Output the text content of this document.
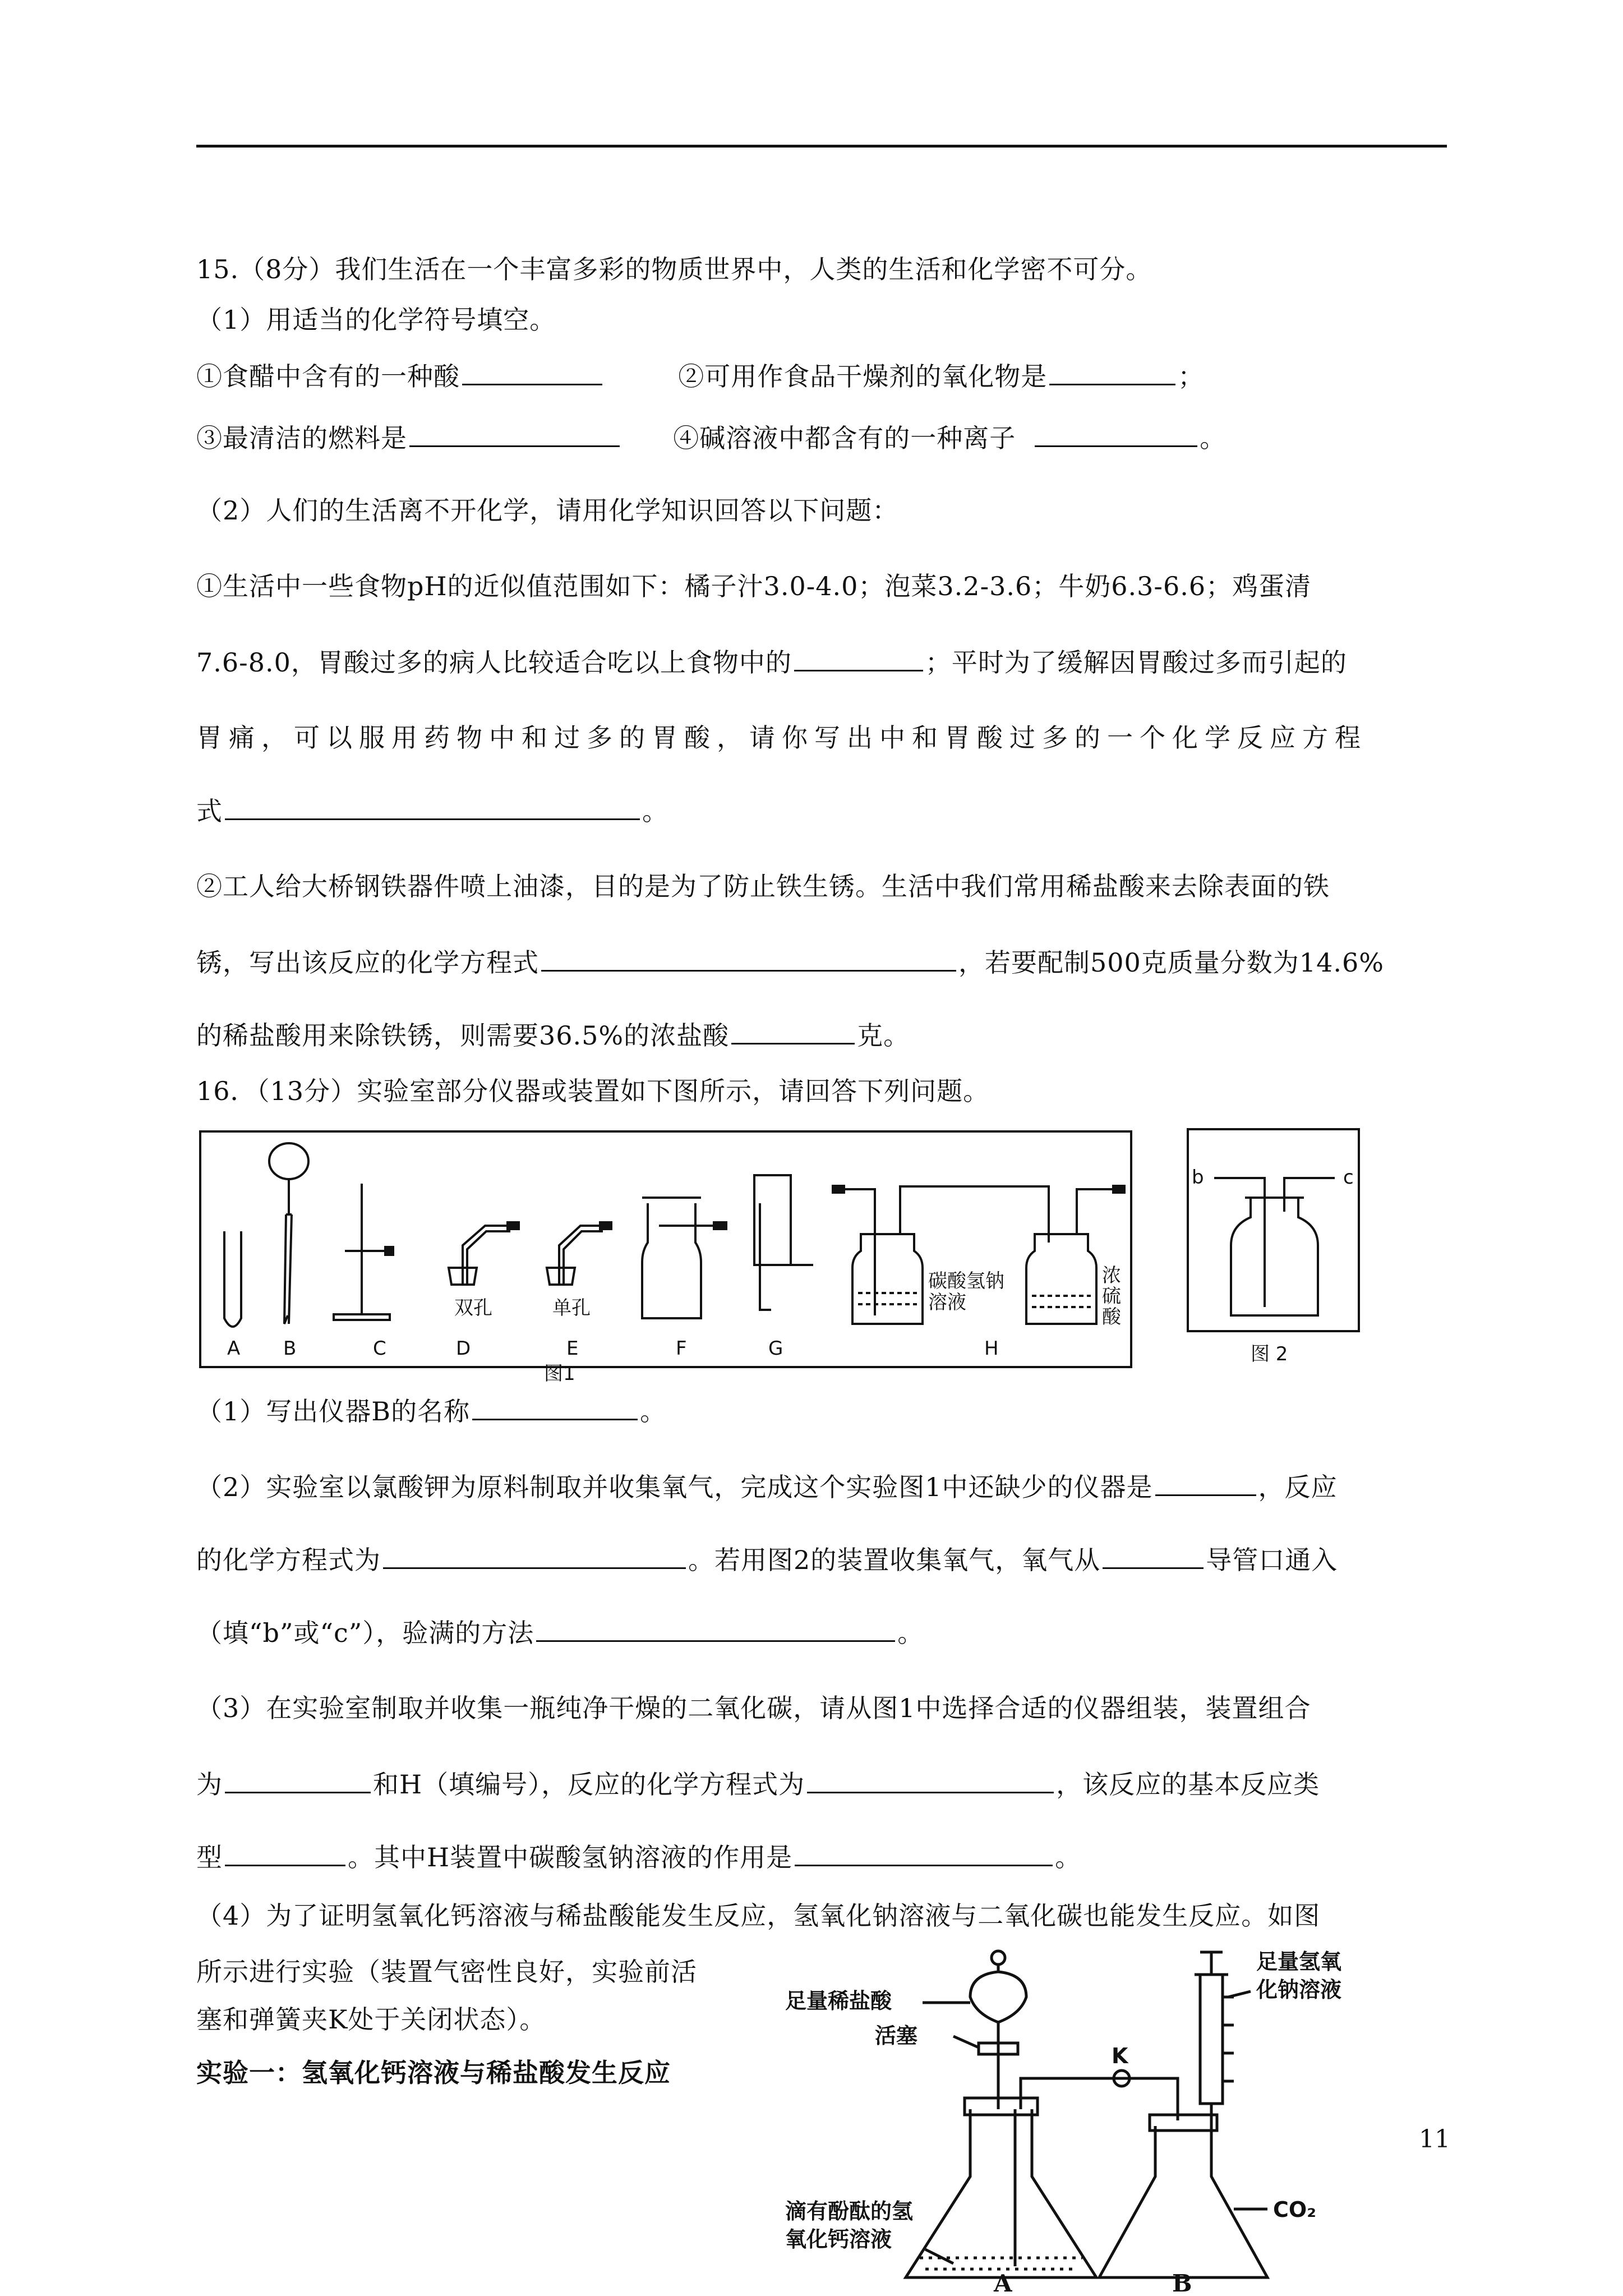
15.（8分）我们生活在一个丰富多彩的物质世界中，人类的生活和化学密不可分。
（1）用适当的化学符号填空。
①食醋中含有的一种酸	②可用作食品干燥剂的氧化物是	；
③最清洁的燃料是	④碱溶液中都含有的一种离子	。
（2）人们的生活离不开化学，请用化学知识回答以下问题：
①生活中一些食物pH的近似值范围如下：橘子汁3.0-4.0；泡菜3.2-3.6；牛奶6.3-6.6；鸡蛋清
7.6-8.0，胃酸过多的病人比较适合吃以上食物中的	；平时为了缓解因胃酸过多而引起的
胃痛，可以服用药物中和过多的胃酸，请你写出中和胃酸过多的一个化学反应方程
式	。
②工人给大桥钢铁器件喷上油漆，目的是为了防止铁生锈。生活中我们常用稀盐酸来去除表面的铁
锈，写出该反应的化学方程式	，若要配制500克质量分数为14.6%
的稀盐酸用来除铁锈，则需要36.5%的浓盐酸	克。
16．（13分）实验室部分仪器或装置如下图所示，请回答下列问题。
A B	C
双孔
D
单孔
E	F	G
碳酸氢钠
溶液
H
浓
硫
酸
图1
b	c
图 2
（1）写出仪器B的名称	。
（2）实验室以氯酸钾为原料制取并收集氧气，完成这个实验图1中还缺少的仪器是	，反应
的化学方程式为	。若用图2的装置收集氧气，氧气从	导管口通入
（填“b”或“c”），验满的方法	。
（3）在实验室制取并收集一瓶纯净干燥的二氧化碳，请从图1中选择合适的仪器组装，装置组合
为	和H（填编号），反应的化学方程式为	，该反应的基本反应类
型	。其中H装置中碳酸氢钠溶液的作用是	。
（4）为了证明氢氧化钙溶液与稀盐酸能发生反应，氢氧化钠溶液与二氧化碳也能发生反应。如图
所示进行实验（装置气密性良好，实验前活
塞和弹簧夹K处于关闭状态）。
实验一：氢氧化钙溶液与稀盐酸发生反应
足量稀盐酸
活塞
K
足量氢氧
化钠溶液
CO₂
滴有酚酞的氢
氧化钙溶液
A	B
11
